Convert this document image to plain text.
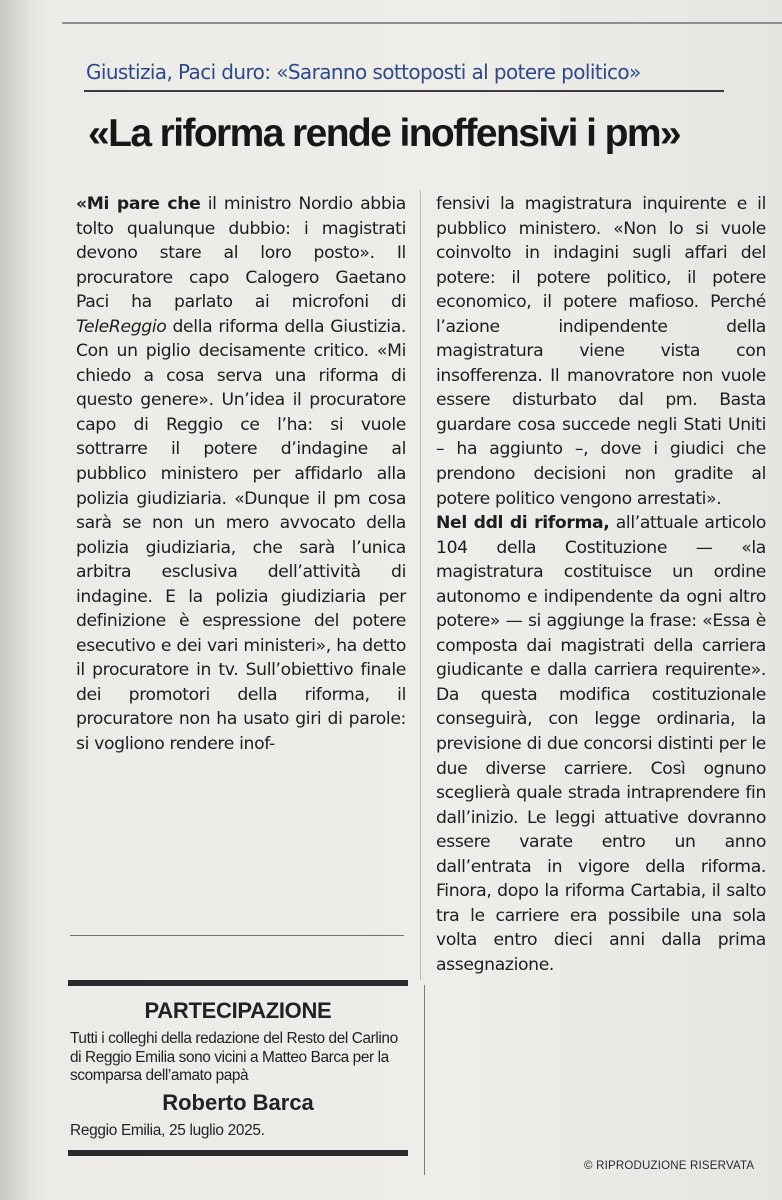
Giustizia, Paci duro: «Saranno sottoposti al potere politico»
«La riforma rende inoffensivi i pm»

«Mi pare che il ministro Nordio abbia tolto qualunque dubbio: i magistrati devono stare al loro posto». Il procuratore capo Calogero Gaetano Paci ha parlato ai microfoni di TeleReggio della riforma della Giustizia. Con un piglio decisamente critico. «Mi chiedo a cosa serva una riforma di questo genere». Un’idea il procuratore capo di Reggio ce l’ha: si vuole sottrarre il potere d’indagine al pubblico ministero per affidarlo alla polizia giudiziaria. «Dunque il pm cosa sarà se non un mero avvocato della polizia giudiziaria, che sarà l’unica arbitra esclusiva dell’attività di indagine. E la polizia giudiziaria per definizione è espressione del potere esecutivo e dei vari ministeri», ha detto il procuratore in tv. Sull’obiettivo finale dei promotori della riforma, il procuratore non ha usato giri di parole: si vogliono rendere inof-

fensivi la magistratura inquirente e il pubblico ministero. «Non lo si vuole coinvolto in indagini sugli affari del potere: il potere politico, il potere economico, il potere mafioso. Perché l’azione indipendente della magistratura viene vista con insofferenza. Il manovratore non vuole essere disturbato dal pm. Basta guardare cosa succede negli Stati Uniti – ha aggiunto –, dove i giudici che prendono decisioni non gradite al potere politico vengono arrestati».

Nel ddl di riforma, all’attuale articolo 104 della Costituzione — «la magistratura costituisce un ordine autonomo e indipendente da ogni altro potere» — si aggiunge la frase: «Essa è composta dai magistrati della carriera giudicante e dalla carriera requirente». Da questa modifica costituzionale conseguirà, con legge ordinaria, la previsione di due concorsi distinti per le due diverse carriere. Così ognuno sceglierà quale strada intraprendere fin dall’inizio. Le leggi attuative dovranno essere varate entro un anno dall’entrata in vigore della riforma. Finora, dopo la riforma Cartabia, il salto tra le carriere era possibile una sola volta entro dieci anni dalla prima assegnazione.

PARTECIPAZIONE
Tutti i colleghi della redazione del Resto del Carlino di Reggio Emilia sono vicini a Matteo Barca per la scomparsa dell’amato papà
Roberto Barca
Reggio Emilia, 25 luglio 2025.
© RIPRODUZIONE RISERVATA
